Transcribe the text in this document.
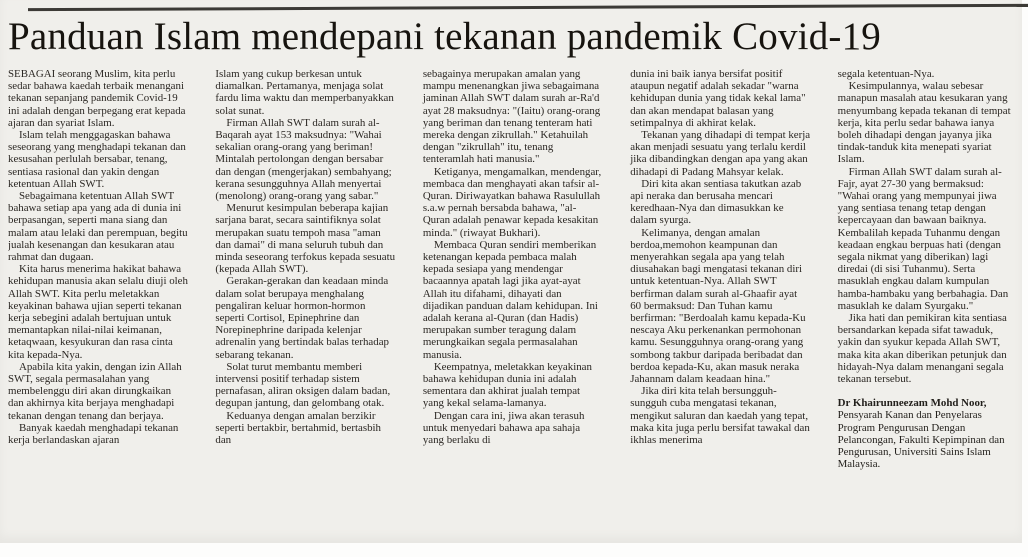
Panduan Islam mendepani tekanan pandemik Covid-19

SEBAGAI seorang Muslim, kita perlu sedar bahawa kaedah terbaik menangani tekanan sepanjang pandemik Covid-19 ini adalah dengan berpegang erat kepada ajaran dan syariat Islam.

Islam telah menggagaskan bahawa seseorang yang menghadapi tekanan dan kesusahan perlulah bersabar, tenang, sentiasa rasional dan yakin dengan ketentuan Allah SWT.

Sebagaimana ketentuan Allah SWT bahawa setiap apa yang ada di dunia ini berpasangan, seperti mana siang dan malam atau lelaki dan perempuan, begitu jualah kesenangan dan kesukaran atau rahmat dan dugaan.

Kita harus menerima hakikat bahawa kehidupan manusia akan selalu diuji oleh Allah SWT. Kita perlu meletakkan keyakinan bahawa ujian seperti tekanan kerja sebegini adalah bertujuan untuk memantapkan nilai-nilai keimanan, ketaqwaan, kesyukuran dan rasa cinta kita kepada-Nya.

Apabila kita yakin, dengan izin Allah SWT, segala permasalahan yang membelenggu diri akan dirungkaikan dan akhirnya kita berjaya menghadapi tekanan dengan tenang dan berjaya.

Banyak kaedah menghadapi tekanan kerja berlandaskan ajaran

Islam yang cukup berkesan untuk diamalkan. Pertamanya, menjaga solat fardu lima waktu dan memperbanyakkan solat sunat.

Firman Allah SWT dalam surah al-Baqarah ayat 153 maksudnya: "Wahai sekalian orang-orang yang beriman! Mintalah pertolongan dengan bersabar dan dengan (mengerjakan) sembahyang; kerana sesungguhnya Allah menyertai (menolong) orang-orang yang sabar."

Menurut kesimpulan beberapa kajian sarjana barat, secara saintifiknya solat merupakan suatu tempoh masa "aman dan damai" di mana seluruh tubuh dan minda seseorang terfokus kepada sesuatu (kepada Allah SWT).

Gerakan-gerakan dan keadaan minda dalam solat berupaya menghalang pengaliran keluar hormon-hormon seperti Cortisol, Epinephrine dan Norepinephrine daripada kelenjar adrenalin yang bertindak balas terhadap sebarang tekanan.

Solat turut membantu memberi intervensi positif terhadap sistem pernafasan, aliran oksigen dalam badan, degupan jantung, dan gelombang otak.

Keduanya dengan amalan berzikir seperti bertakbir, bertahmid, bertasbih dan

sebagainya merupakan amalan yang mampu menenangkan jiwa sebagaimana jaminan Allah SWT dalam surah ar-Ra'd ayat 28 maksudnya: "(Iaitu) orang-orang yang beriman dan tenang tenteram hati mereka dengan zikrullah." Ketahuilah dengan "zikrullah" itu, tenang tenteramlah hati manusia."

Ketiganya, mengamalkan, mendengar, membaca dan menghayati akan tafsir al-Quran. Diriwayatkan bahawa Rasulullah s.a.w pernah bersabda bahawa, "al-Quran adalah penawar kepada kesakitan minda." (riwayat Bukhari).

Membaca Quran sendiri memberikan ketenangan kepada pembaca malah kepada sesiapa yang mendengar bacaannya apatah lagi jika ayat-ayat Allah itu difahami, dihayati dan dijadikan panduan dalam kehidupan. Ini adalah kerana al-Quran (dan Hadis) merupakan sumber teragung dalam merungkaikan segala permasalahan manusia.

Keempatnya, meletakkan keyakinan bahawa kehidupan dunia ini adalah sementara dan akhirat jualah tempat yang kekal selama-lamanya.

Dengan cara ini, jiwa akan terasuh untuk menyedari bahawa apa sahaja yang berlaku di

dunia ini baik ianya bersifat positif ataupun negatif adalah sekadar "warna kehidupan dunia yang tidak kekal lama" dan akan mendapat balasan yang setimpalnya di akhirat kelak.

Tekanan yang dihadapi di tempat kerja akan menjadi sesuatu yang terlalu kerdil jika dibandingkan dengan apa yang akan dihadapi di Padang Mahsyar kelak.

Diri kita akan sentiasa takutkan azab api neraka dan berusaha mencari keredhaan-Nya dan dimasukkan ke dalam syurga.

Kelimanya, dengan amalan berdoa,memohon keampunan dan menyerahkan segala apa yang telah diusahakan bagi mengatasi tekanan diri untuk ketentuan-Nya. Allah SWT berfirman dalam surah al-Ghaafir ayat 60 bermaksud: Dan Tuhan kamu berfirman: "Berdoalah kamu kepada-Ku nescaya Aku perkenankan permohonan kamu. Sesungguhnya orang-orang yang sombong takbur daripada beribadat dan berdoa kepada-Ku, akan masuk neraka Jahannam dalam keadaan hina."

Jika diri kita telah bersungguh-sungguh cuba mengatasi tekanan, mengikut saluran dan kaedah yang tepat, maka kita juga perlu bersifat tawakal dan ikhlas menerima

segala ketentuan-Nya.

Kesimpulannya, walau sebesar manapun masalah atau kesukaran yang menyumbang kepada tekanan di tempat kerja, kita perlu sedar bahawa ianya boleh dihadapi dengan jayanya jika tindak-tanduk kita menepati syariat Islam.

Firman Allah SWT dalam surah al-Fajr, ayat 27-30 yang bermaksud: "Wahai orang yang mempunyai jiwa yang sentiasa tenang tetap dengan kepercayaan dan bawaan baiknya. Kembalilah kepada Tuhanmu dengan keadaan engkau berpuas hati (dengan segala nikmat yang diberikan) lagi diredai (di sisi Tuhanmu). Serta masuklah engkau dalam kumpulan hamba-hambaku yang berbahagia. Dan masuklah ke dalam Syurgaku."

Jika hati dan pemikiran kita sentiasa bersandarkan kepada sifat tawaduk, yakin dan syukur kepada Allah SWT, maka kita akan diberikan petunjuk dan hidayah-Nya dalam menangani segala tekanan tersebut.

Dr Khairunneezam Mohd Noor, Pensyarah Kanan dan Penyelaras Program Pengurusan Dengan Pelancongan, Fakulti Kepimpinan dan Pengurusan, Universiti Sains Islam Malaysia.
